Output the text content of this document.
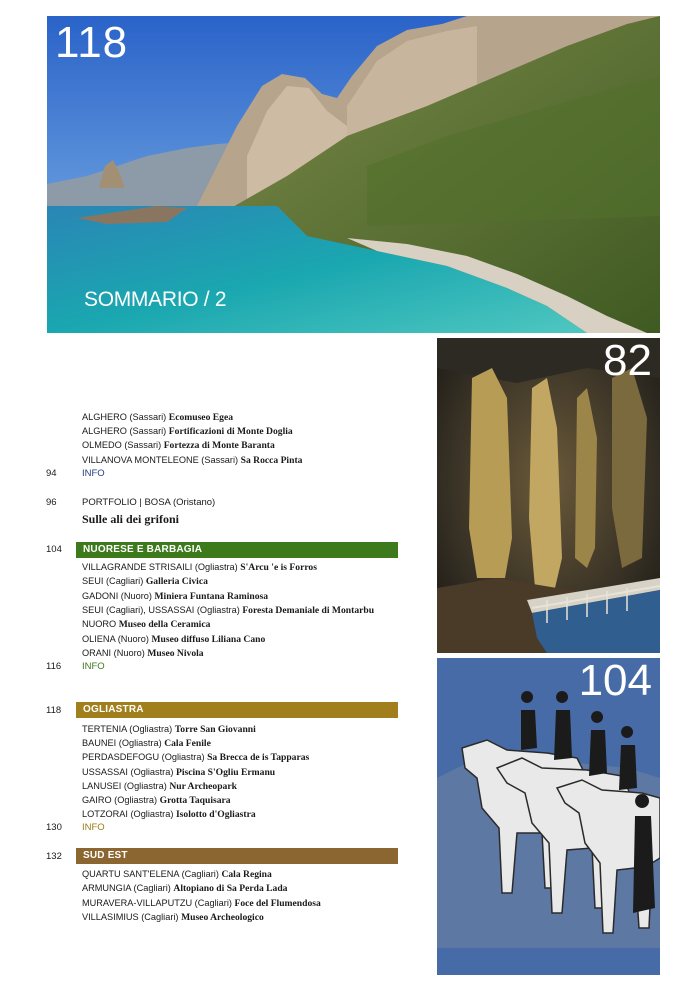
118
SOMMARIO / 2
82
104
ALGHERO (Sassari) Ecomuseo Egea
ALGHERO (Sassari) Fortificazioni di Monte Doglia
OLMEDO (Sassari) Fortezza di Monte Baranta
VILLANOVA MONTELEONE (Sassari) Sa Rocca Pinta
94	INFO
96	PORTFOLIO | BOSA (Oristano)
Sulle ali dei grifoni
104	NUORESE E BARBAGIA
VILLAGRANDE STRISAILI (Ogliastra) S'Arcu 'e is Forros
SEUI (Cagliari) Galleria Civica
GADONI (Nuoro) Miniera Funtana Raminosa
SEUI (Cagliari), USSASSAI (Ogliastra) Foresta Demaniale di Montarbu
NUORO Museo della Ceramica
OLIENA (Nuoro) Museo diffuso Liliana Cano
ORANI (Nuoro) Museo Nivola
116 INFO
118	OGLIASTRA
TERTENIA (Ogliastra) Torre San Giovanni
BAUNEI (Ogliastra) Cala Fenile
PERDASDEFOGU (Ogliastra) Sa Brecca de is Tapparas
USSASSAI (Ogliastra) Piscina S'Ogliu Ermanu
LANUSEI (Ogliastra) Nur Archeopark
GAIRO (Ogliastra) Grotta Taquisara
LOTZORAI (Ogliastra) Isolotto d'Ogliastra
130 INFO
132	SUD EST
QUARTU SANT'ELENA (Cagliari) Cala Regina
ARMUNGIA (Cagliari) Altopiano di Sa Perda Lada
MURAVERA-VILLAPUTZU (Cagliari) Foce del Flumendosa
VILLASIMIUS (Cagliari) Museo Archeologico
